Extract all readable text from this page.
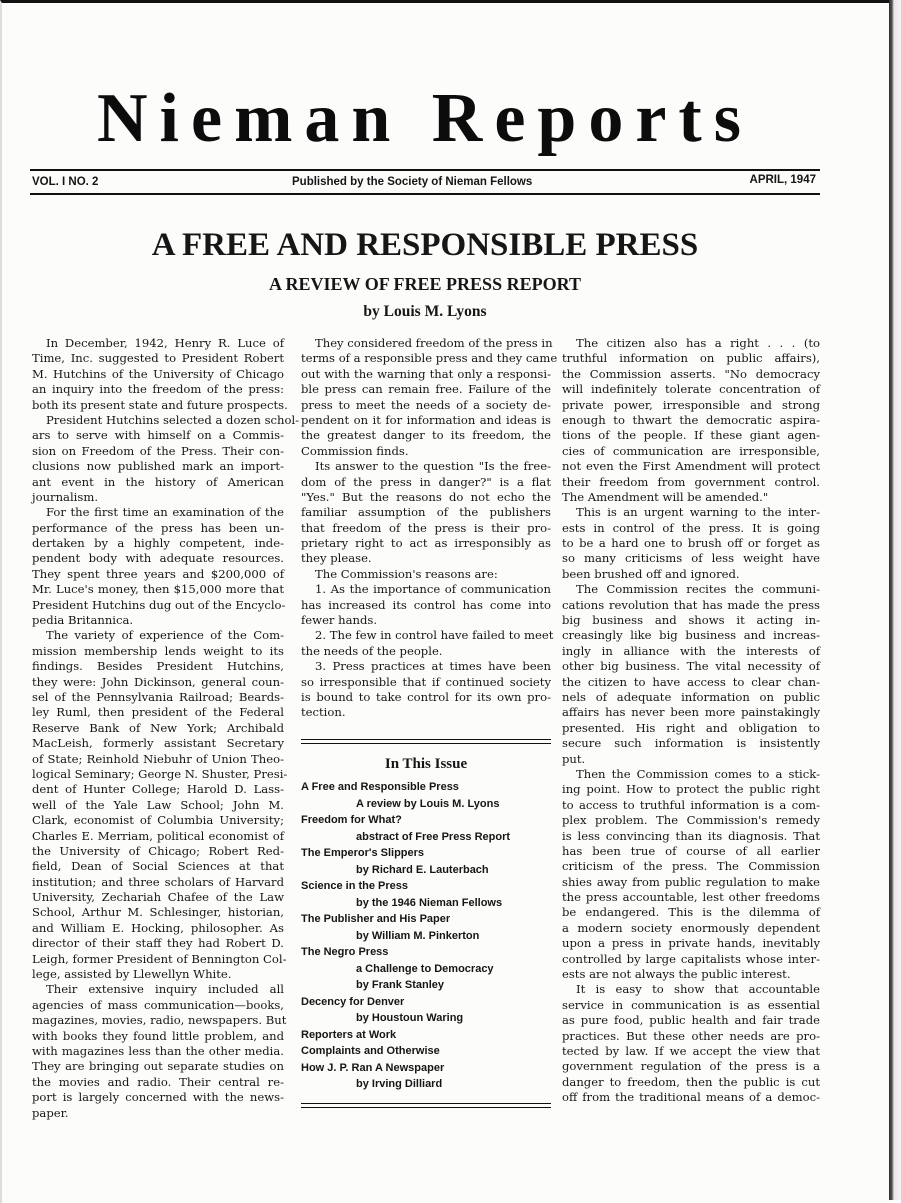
Nieman Reports
VOL. I NO. 2	Published by the Society of Nieman Fellows	APRIL, 1947
A FREE AND RESPONSIBLE PRESS
A REVIEW OF FREE PRESS REPORT
by Louis M. Lyons
In December, 1942, Henry R. Luce of
Time, Inc. suggested to President Robert
M. Hutchins of the University of Chicago
an inquiry into the freedom of the press:
both its present state and future prospects.
President Hutchins selected a dozen schol-
ars to serve with himself on a Commis-
sion on Freedom of the Press. Their con-
clusions now published mark an import-
ant event in the history of American
journalism.
For the first time an examination of the
performance of the press has been un-
dertaken by a highly competent, inde-
pendent body with adequate resources.
They spent three years and $200,000 of
Mr. Luce's money, then $15,000 more that
President Hutchins dug out of the Encyclo-
pedia Britannica.
The variety of experience of the Com-
mission membership lends weight to its
findings. Besides President Hutchins,
they were: John Dickinson, general coun-
sel of the Pennsylvania Railroad; Beards-
ley Ruml, then president of the Federal
Reserve Bank of New York; Archibald
MacLeish, formerly assistant Secretary
of State; Reinhold Niebuhr of Union Theo-
logical Seminary; George N. Shuster, Presi-
dent of Hunter College; Harold D. Lass-
well of the Yale Law School; John M.
Clark, economist of Columbia University;
Charles E. Merriam, political economist of
the University of Chicago; Robert Red-
field, Dean of Social Sciences at that
institution; and three scholars of Harvard
University, Zechariah Chafee of the Law
School, Arthur M. Schlesinger, historian,
and William E. Hocking, philosopher. As
director of their staff they had Robert D.
Leigh, former President of Bennington Col-
lege, assisted by Llewellyn White.
Their extensive inquiry included all
agencies of mass communication—books,
magazines, movies, radio, newspapers. But
with books they found little problem, and
with magazines less than the other media.
They are bringing out separate studies on
the movies and radio. Their central re-
port is largely concerned with the news-
paper.
They considered freedom of the press in
terms of a responsible press and they came
out with the warning that only a responsi-
ble press can remain free. Failure of the
press to meet the needs of a society de-
pendent on it for information and ideas is
the greatest danger to its freedom, the
Commission finds.
Its answer to the question "Is the free-
dom of the press in danger?" is a flat
"Yes." But the reasons do not echo the
familiar assumption of the publishers
that freedom of the press is their pro-
prietary right to act as irresponsibly as
they please.
The Commission's reasons are:
1. As the importance of communication
has increased its control has come into
fewer hands.
2. The few in control have failed to meet
the needs of the people.
3. Press practices at times have been
so irresponsible that if continued society
is bound to take control for its own pro-
tection.
In This Issue
A Free and Responsible Press
A review by Louis M. Lyons
Freedom for What?
abstract of Free Press Report
The Emperor's Slippers
by Richard E. Lauterbach
Science in the Press
by the 1946 Nieman Fellows
The Publisher and His Paper
by William M. Pinkerton
The Negro Press
a Challenge to Democracy
by Frank Stanley
Decency for Denver
by Houstoun Waring
Reporters at Work
Complaints and Otherwise
How J. P. Ran A Newspaper
by Irving Dilliard
The citizen also has a right . . . (to
truthful information on public affairs),
the Commission asserts. "No democracy
will indefinitely tolerate concentration of
private power, irresponsible and strong
enough to thwart the democratic aspira-
tions of the people. If these giant agen-
cies of communication are irresponsible,
not even the First Amendment will protect
their freedom from government control.
The Amendment will be amended."
This is an urgent warning to the inter-
ests in control of the press. It is going
to be a hard one to brush off or forget as
so many criticisms of less weight have
been brushed off and ignored.
The Commission recites the communi-
cations revolution that has made the press
big business and shows it acting in-
creasingly like big business and increas-
ingly in alliance with the interests of
other big business. The vital necessity of
the citizen to have access to clear chan-
nels of adequate information on public
affairs has never been more painstakingly
presented. His right and obligation to
secure such information is insistently
put.
Then the Commission comes to a stick-
ing point. How to protect the public right
to access to truthful information is a com-
plex problem. The Commission's remedy
is less convincing than its diagnosis. That
has been true of course of all earlier
criticism of the press. The Commission
shies away from public regulation to make
the press accountable, lest other freedoms
be endangered. This is the dilemma of
a modern society enormously dependent
upon a press in private hands, inevitably
controlled by large capitalists whose inter-
ests are not always the public interest.
It is easy to show that accountable
service in communication is as essential
as pure food, public health and fair trade
practices. But these other needs are pro-
tected by law. If we accept the view that
government regulation of the press is a
danger to freedom, then the public is cut
off from the traditional means of a democ-
